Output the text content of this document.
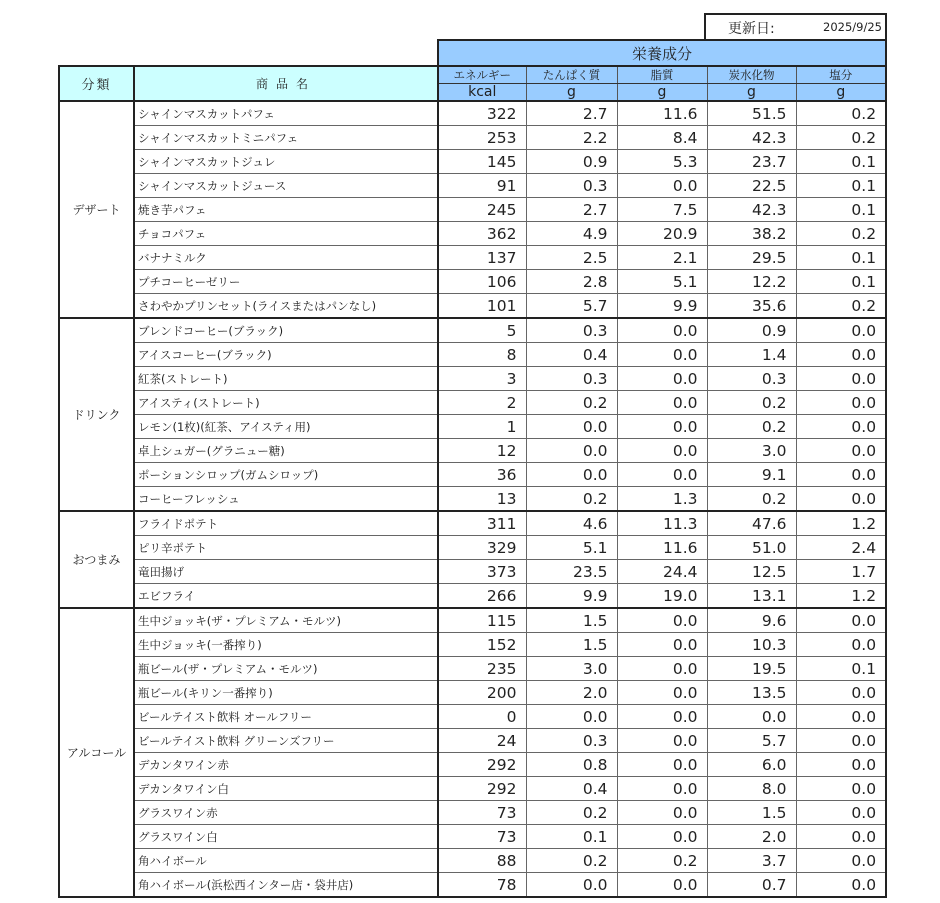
更新日:	2025/9/25
		栄養成分				
分類	商品名	エネルギー	たんぱく質	脂質	炭水化物	塩分
		kcal	g	g	g	g
デザート	シャインマスカットパフェ	322	2.7	11.6	51.5	0.2
	シャインマスカットミニパフェ	253	2.2	8.4	42.3	0.2
	シャインマスカットジュレ	145	0.9	5.3	23.7	0.1
	シャインマスカットジュース	91	0.3	0.0	22.5	0.1
	焼き芋パフェ	245	2.7	7.5	42.3	0.1
	チョコパフェ	362	4.9	20.9	38.2	0.2
	バナナミルク	137	2.5	2.1	29.5	0.1
	プチコーヒーゼリー	106	2.8	5.1	12.2	0.1
	さわやかプリンセット(ライスまたはパンなし)	101	5.7	9.9	35.6	0.2
ドリンク	ブレンドコーヒー(ブラック)	5	0.3	0.0	0.9	0.0
	アイスコーヒー(ブラック)	8	0.4	0.0	1.4	0.0
	紅茶(ストレート)	3	0.3	0.0	0.3	0.0
	アイスティ(ストレート)	2	0.2	0.0	0.2	0.0
	レモン(1枚)(紅茶、アイスティ用)	1	0.0	0.0	0.2	0.0
	卓上シュガー(グラニュー糖)	12	0.0	0.0	3.0	0.0
	ポーションシロップ(ガムシロップ)	36	0.0	0.0	9.1	0.0
	コーヒーフレッシュ	13	0.2	1.3	0.2	0.0
おつまみ	フライドポテト	311	4.6	11.3	47.6	1.2
	ピリ辛ポテト	329	5.1	11.6	51.0	2.4
	竜田揚げ	373	23.5	24.4	12.5	1.7
	エビフライ	266	9.9	19.0	13.1	1.2
アルコール	生中ジョッキ(ザ・プレミアム・モルツ)	115	1.5	0.0	9.6	0.0
	生中ジョッキ(一番搾り)	152	1.5	0.0	10.3	0.0
	瓶ビール(ザ・プレミアム・モルツ)	235	3.0	0.0	19.5	0.1
	瓶ビール(キリン一番搾り)	200	2.0	0.0	13.5	0.0
	ビールテイスト飲料 オールフリー	0	0.0	0.0	0.0	0.0
	ビールテイスト飲料 グリーンズフリー	24	0.3	0.0	5.7	0.0
	デカンタワイン赤	292	0.8	0.0	6.0	0.0
	デカンタワイン白	292	0.4	0.0	8.0	0.0
	グラスワイン赤	73	0.2	0.0	1.5	0.0
	グラスワイン白	73	0.1	0.0	2.0	0.0
	角ハイボール	88	0.2	0.2	3.7	0.0
	角ハイボール(浜松西インター店・袋井店)	78	0.0	0.0	0.7	0.0
